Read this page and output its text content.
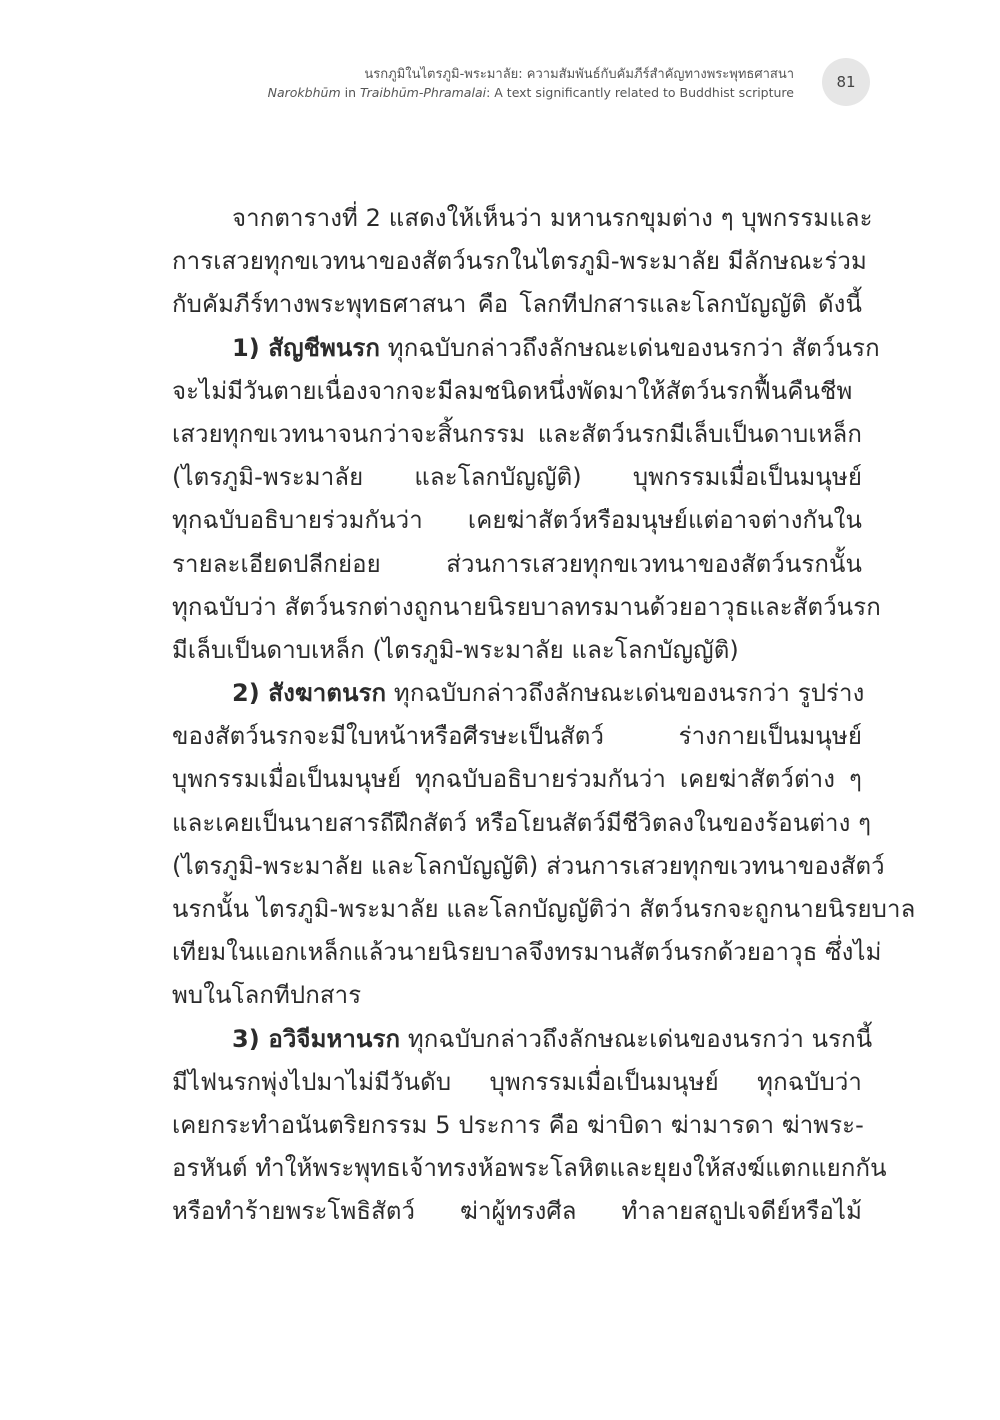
นรกภูมิในไตรภูมิ-พระมาลัย: ความสัมพันธ์กับคัมภีร์สำคัญทางพระพุทธศาสนา
Narokbhūm in Traibhūm-Phramalai: A text significantly related to Buddhist scripture
81
จากตารางที่ 2 แสดงให้เห็นว่า มหานรกขุมต่าง ๆ บุพกรรมและ
การเสวยทุกขเวทนาของสัตว์นรกในไตรภูมิ-พระมาลัย มีลักษณะร่วม
กับคัมภีร์ทางพระพุทธศาสนา คือ โลกทีปกสารและโลกบัญญัติ ดังนี้
1) สัญชีพนรก ทุกฉบับกล่าวถึงลักษณะเด่นของนรกว่า สัตว์นรก
จะไม่มีวันตายเนื่องจากจะมีลมชนิดหนึ่งพัดมาให้สัตว์นรกฟื้นคืนชีพ
เสวยทุกขเวทนาจนกว่าจะสิ้นกรรม และสัตว์นรกมีเล็บเป็นดาบเหล็ก
(ไตรภูมิ-พระมาลัย และโลกบัญญัติ) บุพกรรมเมื่อเป็นมนุษย์
ทุกฉบับอธิบายร่วมกันว่า เคยฆ่าสัตว์หรือมนุษย์แต่อาจต่างกันใน
รายละเอียดปลีกย่อย ส่วนการเสวยทุกขเวทนาของสัตว์นรกนั้น
ทุกฉบับว่า สัตว์นรกต่างถูกนายนิรยบาลทรมานด้วยอาวุธและสัตว์นรก
มีเล็บเป็นดาบเหล็ก (ไตรภูมิ-พระมาลัย และโลกบัญญัติ)
2) สังฆาตนรก ทุกฉบับกล่าวถึงลักษณะเด่นของนรกว่า รูปร่าง
ของสัตว์นรกจะมีใบหน้าหรือศีรษะเป็นสัตว์ ร่างกายเป็นมนุษย์
บุพกรรมเมื่อเป็นมนุษย์ ทุกฉบับอธิบายร่วมกันว่า เคยฆ่าสัตว์ต่าง ๆ
และเคยเป็นนายสารถีฝึกสัตว์ หรือโยนสัตว์มีชีวิตลงในของร้อนต่าง ๆ
(ไตรภูมิ-พระมาลัย และโลกบัญญัติ) ส่วนการเสวยทุกขเวทนาของสัตว์
นรกนั้น ไตรภูมิ-พระมาลัย และโลกบัญญัติว่า สัตว์นรกจะถูกนายนิรยบาล
เทียมในแอกเหล็กแล้วนายนิรยบาลจึงทรมานสัตว์นรกด้วยอาวุธ ซึ่งไม่
พบในโลกทีปกสาร
3) อวิจีมหานรก ทุกฉบับกล่าวถึงลักษณะเด่นของนรกว่า นรกนี้
มีไฟนรกพุ่งไปมาไม่มีวันดับ บุพกรรมเมื่อเป็นมนุษย์ ทุกฉบับว่า
เคยกระทำอนันตริยกรรม 5 ประการ คือ ฆ่าบิดา ฆ่ามารดา ฆ่าพระ-
อรหันต์ ทำให้พระพุทธเจ้าทรงห้อพระโลหิตและยุยงให้สงฆ์แตกแยกกัน
หรือทำร้ายพระโพธิสัตว์ ฆ่าผู้ทรงศีล ทำลายสถูปเจดีย์หรือไม้
